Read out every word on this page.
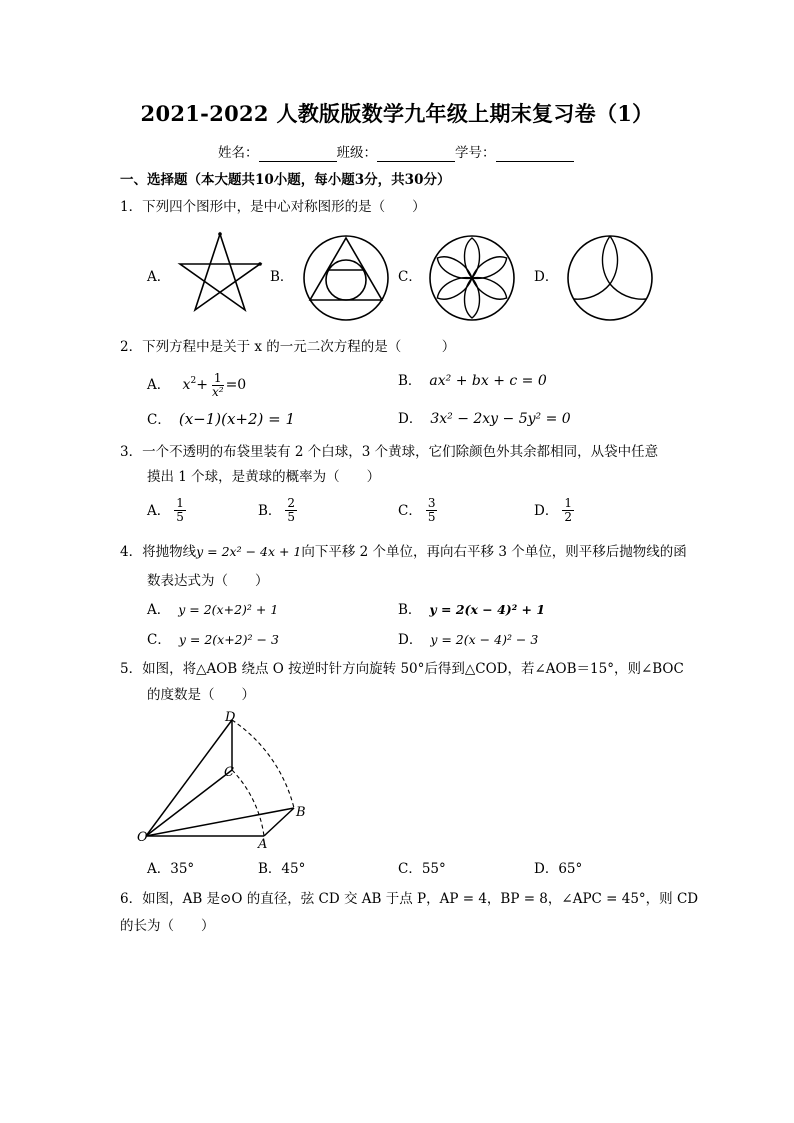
2021-2022 人教版版数学九年级上期末复习卷（1）
姓名：	班级：	学号：
一、选择题（本大题共10小题，每小题3分，共30分）
1．下列四个图形中，是中心对称图形的是（　　）
A．	B．	C．	D．
2．下列方程中是关于 x 的一元二次方程的是（　　　）
A． $x^2+ \frac{1}{\text{x²}} =0$	B． ax² + bx + c = 0
C． (x−1)(x+2) = 1	D． 3x² − 2xy − 5y² = 0
3．一个不透明的布袋里装有 2 个白球，3 个黄球，它们除颜色外其余都相同，从袋中任意
摸出 1 个球，是黄球的概率为（　　）
A． $\frac{1}{5}$	B． $\frac{2}{5}$	C． $\frac{3}{5}$	D． $\frac{1}{2}$
4．将抛物线y = 2x² − 4x + 1向下平移 2 个单位，再向右平移 3 个单位，则平移后抛物线的函
数表达式为（　　）
A． y = 2(x+2)² + 1	B． y = 2(x − 4)² + 1
C． y = 2(x+2)² − 3	D． y = 2(x − 4)² − 3
5．如图，将△AOB 绕点 O 按逆时针方向旋转 50°后得到△COD，若∠AOB＝15°，则∠BOC
的度数是（　　）
D
C
B
O	A
A．35°	B．45°	C．55°	D．65°
6．如图，AB 是⊙O 的直径，弦 CD 交 AB 于点 P，AP = 4，BP = 8，∠APC = 45°，则 CD
的长为（　　）
